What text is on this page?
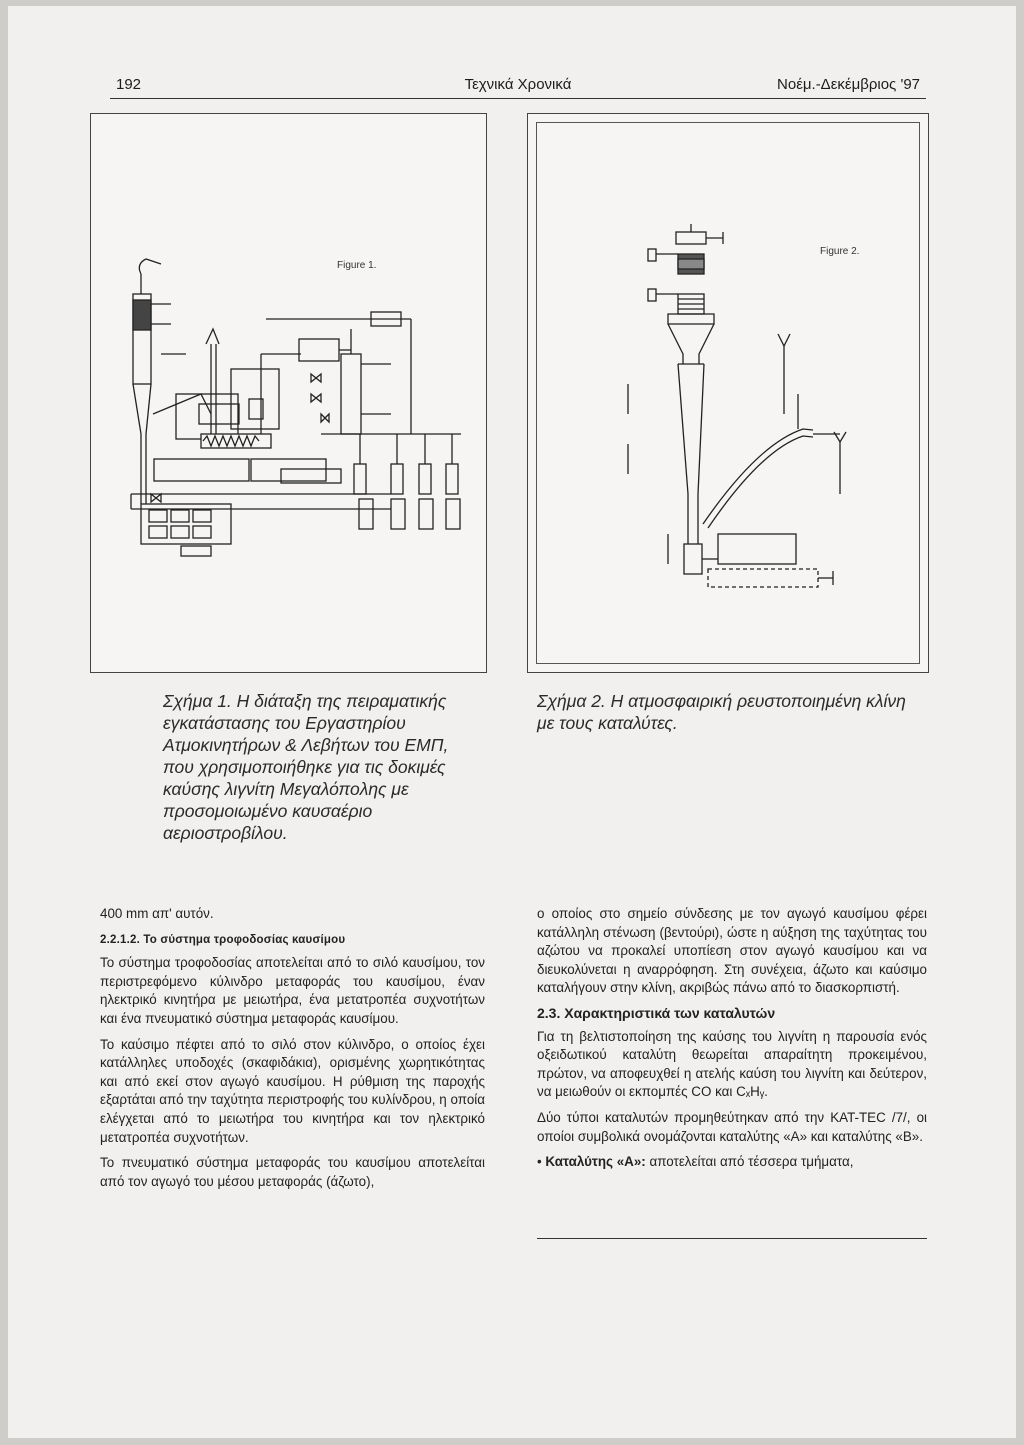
192	Τεχνικά Χρονικά	Νοέμ.-Δεκέμβριος '97
Figure 1.
Figure 2.
Σχήμα 1. Η διάταξη της πειραματικής εγκατάστασης του Εργαστηρίου Ατμοκινητήρων & Λεβήτων του ΕΜΠ, που χρησιμοποιήθηκε για τις δοκιμές καύσης λιγνίτη Μεγαλόπολης με προσομοιωμένο καυσαέριο αεριοστροβίλου.
Σχήμα 2. Η ατμοσφαιρική ρευστοποιημένη κλίνη με τους καταλύτες.

400 mm απ' αυτόν.

2.2.1.2. Το σύστημα τροφοδοσίας καυσίμου

Το σύστημα τροφοδοσίας αποτελείται από το σιλό καυσίμου, τον περιστρεφόμενο κύλινδρο μεταφοράς του καυσίμου, έναν ηλεκτρικό κινητήρα με μειωτήρα, ένα μετατροπέα συχνοτήτων και ένα πνευματικό σύστημα μεταφοράς καυσίμου.

Το καύσιμο πέφτει από το σιλό στον κύλινδρο, ο οποίος έχει κατάλληλες υποδοχές (σκαφιδάκια), ορισμένης χωρητικότητας και από εκεί στον αγωγό καυσίμου. Η ρύθμιση της παροχής εξαρτάται από την ταχύτητα περιστροφής του κυλίνδρου, η οποία ελέγχεται από το μειωτήρα του κινητήρα και τον ηλεκτρικό μετατροπέα συχνοτήτων.

Το πνευματικό σύστημα μεταφοράς του καυσίμου αποτελείται από τον αγωγό του μέσου μεταφοράς (άζωτο),

ο οποίος στο σημείο σύνδεσης με τον αγωγό καυσίμου φέρει κατάλληλη στένωση (βεντούρι), ώστε η αύξηση της ταχύτητας του αζώτου να προκαλεί υποπίεση στον αγωγό καυσίμου και να διευκολύνεται η αναρρόφηση. Στη συνέχεια, άζωτο και καύσιμο καταλήγουν στην κλίνη, ακριβώς πάνω από το διασκορπιστή.

2.3. Χαρακτηριστικά των καταλυτών

Για τη βελτιστοποίηση της καύσης του λιγνίτη η παρουσία ενός οξειδωτικού καταλύτη θεωρείται απαραίτητη προκειμένου, πρώτον, να αποφευχθεί η ατελής καύση του λιγνίτη και δεύτερον, να μειωθούν οι εκπομπές CO και CₓHᵧ.

Δύο τύποι καταλυτών προμηθεύτηκαν από την KAT-TEC /7/, οι οποίοι συμβολικά ονομάζονται καταλύτης «Α» και καταλύτης «Β».

• Καταλύτης «Α»: αποτελείται από τέσσερα τμήματα,
